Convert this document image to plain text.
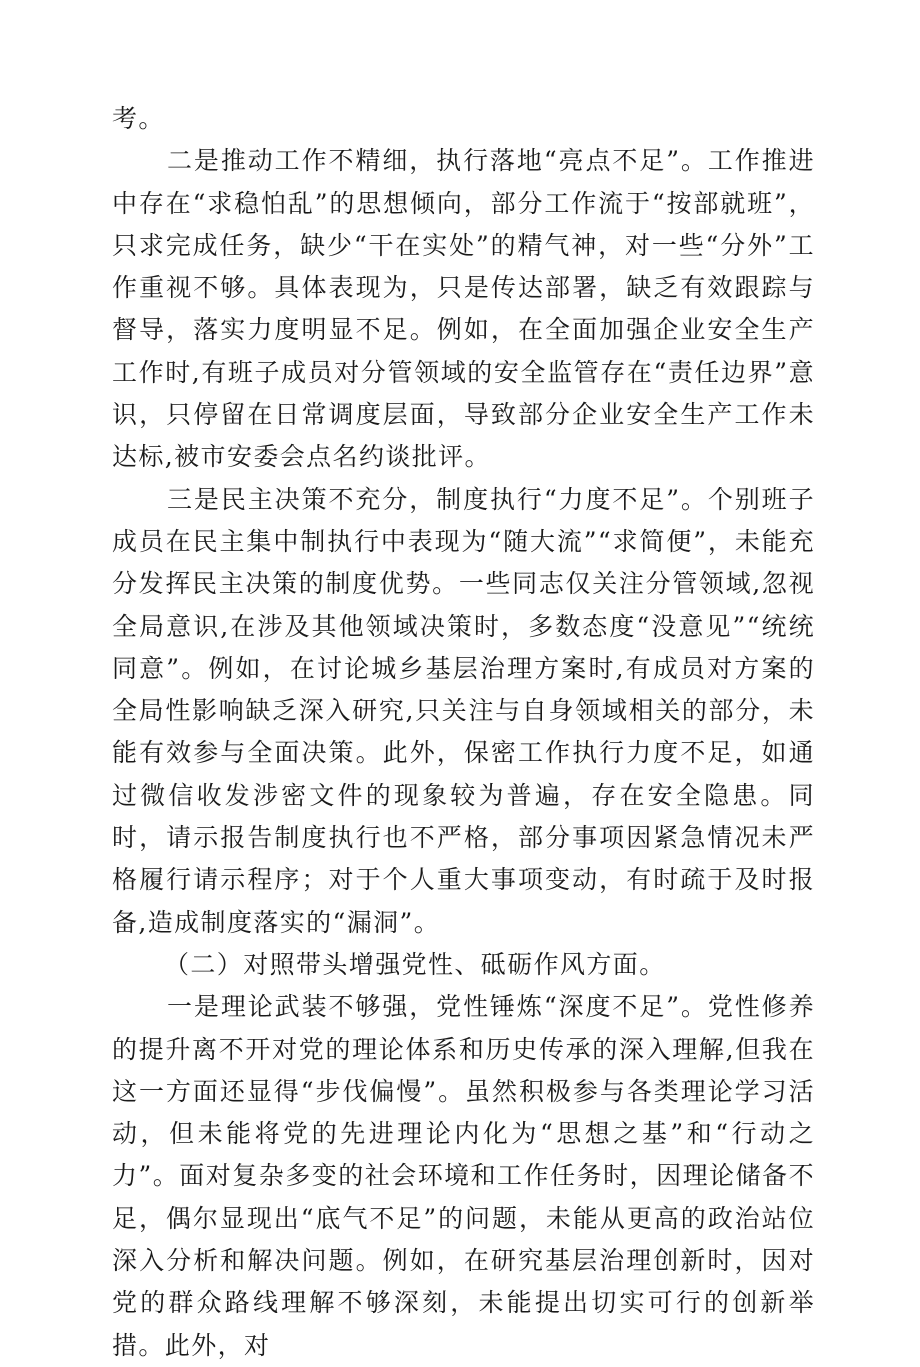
考。

二是推动工作不精细，执行落地“亮点不足”。工作推进中存在“求稳怕乱”的思想倾向，部分工作流于“按部就班”，只求完成任务，缺少“干在实处”的精气神，对一些“分外”工作重视不够。具体表现为，只是传达部署，缺乏有效跟踪与督导，落实力度明显不足。例如，在全面加强企业安全生产工作时,有班子成员对分管领域的安全监管存在“责任边界”意识，只停留在日常调度层面，导致部分企业安全生产工作未达标,被市安委会点名约谈批评。

三是民主决策不充分，制度执行“力度不足”。个别班子成员在民主集中制执行中表现为“随大流”“求简便”，未能充分发挥民主决策的制度优势。一些同志仅关注分管领域,忽视全局意识,在涉及其他领域决策时，多数态度“没意见”“统统同意”。例如，在讨论城乡基层治理方案时,有成员对方案的全局性影响缺乏深入研究,只关注与自身领域相关的部分，未能有效参与全面决策。此外，保密工作执行力度不足，如通过微信收发涉密文件的现象较为普遍，存在安全隐患。同时，请示报告制度执行也不严格，部分事项因紧急情况未严格履行请示程序；对于个人重大事项变动，有时疏于及时报备,造成制度落实的“漏洞”。

（二）对照带头增强党性、砥砺作风方面。

一是理论武装不够强，党性锤炼“深度不足”。党性修养的提升离不开对党的理论体系和历史传承的深入理解,但我在这一方面还显得“步伐偏慢”。虽然积极参与各类理论学习活动，但未能将党的先进理论内化为“思想之基”和“行动之力”。面对复杂多变的社会环境和工作任务时，因理论储备不足，偶尔显现出“底气不足”的问题，未能从更高的政治站位深入分析和解决问题。例如，在研究基层治理创新时，因对党的群众路线理解不够深刻，未能提出切实可行的创新举措。此外，对
